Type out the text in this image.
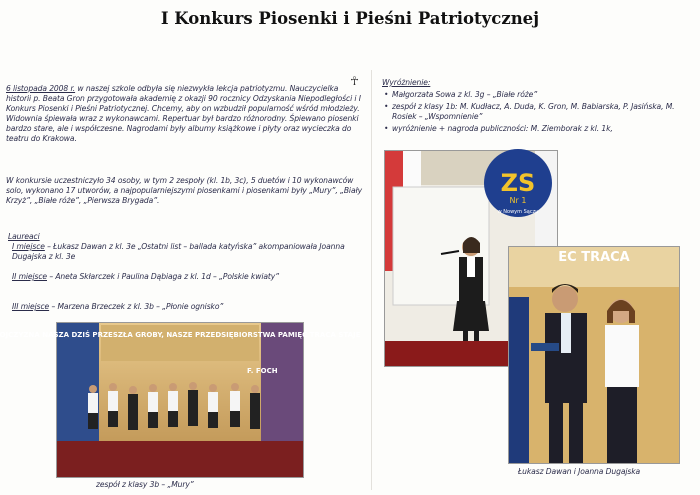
I Konkurs Piosenki i Pieśni Patriotycznej

6 listopada 2008 r. w naszej szkole odbyła się niezwykła lekcja patriotyzmu. Nauczycielka historii p. Beata Gron przygotowała akademię z okazji 90 rocznicy Odzyskania Niepodległości i I Konkurs Piosenki i Pieśni Patriotycznej. Chcemy, aby on wzbudził popularność wśród młodzieży. Widownia śpiewała wraz z wykonawcami. Repertuar był bardzo różnorodny. Śpiewano piosenki bardzo stare, ale i współczesne. Nagrodami były albumy książkowe i płyty oraz wycieczka do teatru do Krakowa.

W konkursie uczestniczyło 34 osoby, w tym 2 zespoły (kl. 1b, 3c), 5 duetów i 10 wykonawców solo, wykonano 17 utworów, a najpopularniejszymi piosenkami i piosenkami były „Mury”, „Biały Krzyż”, „Białe róże”, „Pierwsza Brygada”.

Laureaci

I miejsce – Łukasz Dawan z kl. 3e „Ostatni list – ballada katyńska” akompaniowała Joanna Dugajska z kl. 3e

II miejsce – Aneta Skłarczek i Paulina Dąbiaga z kl. 1d – „Polskie kwiaty”

III miejsce – Marzena Brzeczek z kl. 3b – „Płonie ognisko”

☥
OJCZYZNA NASZA DZIŚ PRZESZŁA GROBY, NASZE PRZEDSIĘBIORSTWA PAMIĘĆ TRACA STAJE
F. FOCH

zespół z klasy 3b – „Mury”

Wyróżnienie:
• Małgorzata Sowa z kl. 3g – „Białe róże”
• zespół z klasy 1b: M. Kudłacz, A. Duda, K. Gron, M. Babiarska, P. Jasińska, M. Rosiek – „Wspomnienie”
• wyróżnienie + nagroda publiczności: M. Ziemborak z kl. 1k,
ZS
Nr 1
w Nowym Sączu
EC TRACA

Łukasz Dawan i Joanna Dugajska
